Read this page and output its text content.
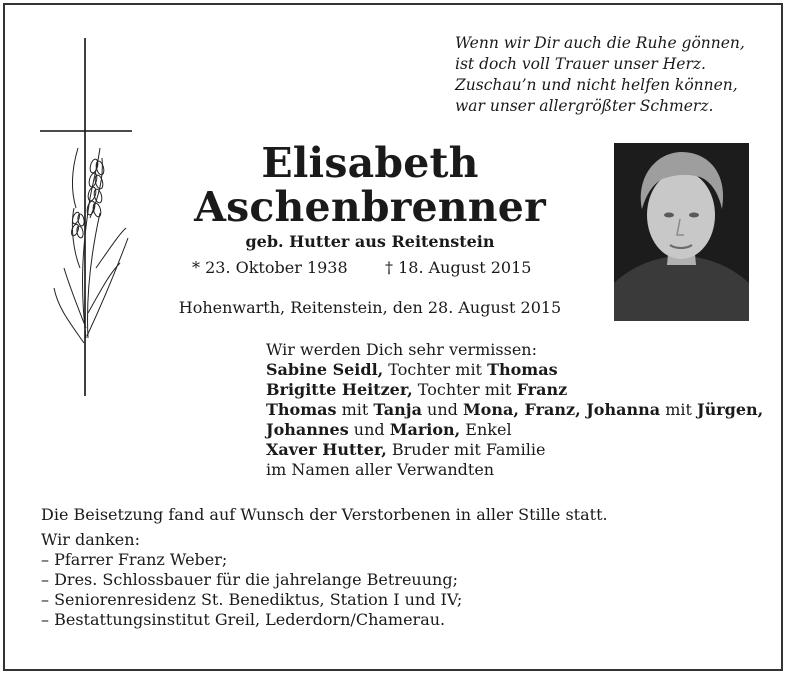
Wenn wir Dir auch die Ruhe gönnen,
ist doch voll Trauer unser Herz.
Zuschau’n und nicht helfen können,
war unser allergrößter Schmerz.
Elisabeth
Aschenbrenner
geb. Hutter aus Reitenstein
* 23. Oktober 1938 † 18. August 2015
Hohenwarth, Reitenstein, den 28. August 2015
Wir werden Dich sehr vermissen:
Sabine Seidl, Tochter mit Thomas
Brigitte Heitzer, Tochter mit Franz
Thomas mit Tanja und Mona, Franz, Johanna mit Jürgen,
Johannes und Marion, Enkel
Xaver Hutter, Bruder mit Familie
im Namen aller Verwandten
Die Beisetzung fand auf Wunsch der Verstorbenen in aller Stille statt.
Wir danken:
– Pfarrer Franz Weber;
– Dres. Schlossbauer für die jahrelange Betreuung;
– Seniorenresidenz St. Benediktus, Station I und IV;
– Bestattungsinstitut Greil, Lederdorn/Chamerau.
